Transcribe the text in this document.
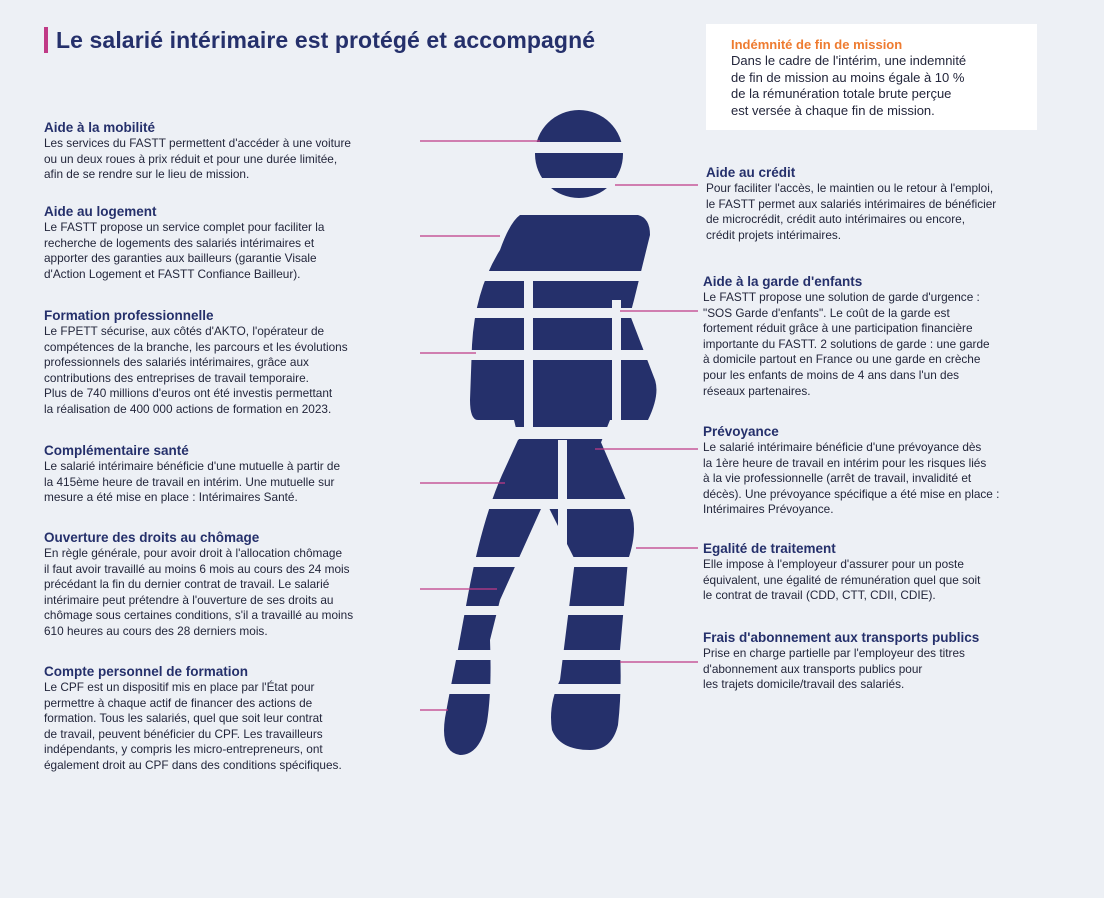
Le salarié intérimaire est protégé et accompagné	Indémnité de fin de mission
Dans le cadre de l'intérim, une indemnité
de fin de mission au moins égale à 10 %
de la rémunération totale brute perçue
est versée à chaque fin de mission.
Aide à la mobilité

Les services du FASTT permettent d'accéder à une voiture
ou un deux roues à prix réduit et pour une durée limitée,
afin de se rendre sur le lieu de mission.

Aide au logement

Le FASTT propose un service complet pour faciliter la
recherche de logements des salariés intérimaires et
apporter des garanties aux bailleurs (garantie Visale
d'Action Logement et FASTT Confiance Bailleur).

Formation professionnelle

Le FPETT sécurise, aux côtés d'AKTO, l'opérateur de
compétences de la branche, les parcours et les évolutions
professionnels des salariés intérimaires, grâce aux
contributions des entreprises de travail temporaire.
Plus de 740 millions d'euros ont été investis permettant
la réalisation de 400 000 actions de formation en 2023.

Complémentaire santé

Le salarié intérimaire bénéficie d'une mutuelle à partir de
la 415ème heure de travail en intérim. Une mutuelle sur
mesure a été mise en place : Intérimaires Santé.

Ouverture des droits au chômage

En règle générale, pour avoir droit à l'allocation chômage
il faut avoir travaillé au moins 6 mois au cours des 24 mois
précédant la fin du dernier contrat de travail. Le salarié
intérimaire peut prétendre à l'ouverture de ses droits au
chômage sous certaines conditions, s'il a travaillé au moins
610 heures au cours des 28 derniers mois.

Compte personnel de formation

Le CPF est un dispositif mis en place par l'État pour
permettre à chaque actif de financer des actions de
formation. Tous les salariés, quel que soit leur contrat
de travail, peuvent bénéficier du CPF. Les travailleurs
indépendants, y compris les micro-entrepreneurs, ont
également droit au CPF dans des conditions spécifiques.

Aide au crédit

Pour faciliter l'accès, le maintien ou le retour à l'emploi,
le FASTT permet aux salariés intérimaires de bénéficier
de microcrédit, crédit auto intérimaires ou encore,
crédit projets intérimaires.

Aide à la garde d'enfants

Le FASTT propose une solution de garde d'urgence :
"SOS Garde d'enfants". Le coût de la garde est
fortement réduit grâce à une participation financière
importante du FASTT. 2 solutions de garde : une garde
à domicile partout en France ou une garde en crèche
pour les enfants de moins de 4 ans dans l'un des
réseaux partenaires.

Prévoyance

Le salarié intérimaire bénéficie d'une prévoyance dès
la 1ère heure de travail en intérim pour les risques liés
à la vie professionnelle (arrêt de travail, invalidité et
décès). Une prévoyance spécifique a été mise en place :
Intérimaires Prévoyance.

Egalité de traitement

Elle impose à l'employeur d'assurer pour un poste
équivalent, une égalité de rémunération quel que soit
le contrat de travail (CDD, CTT, CDII, CDIE).

Frais d'abonnement aux transports publics

Prise en charge partielle par l'employeur des titres
d'abonnement aux transports publics pour
les trajets domicile/travail des salariés.
